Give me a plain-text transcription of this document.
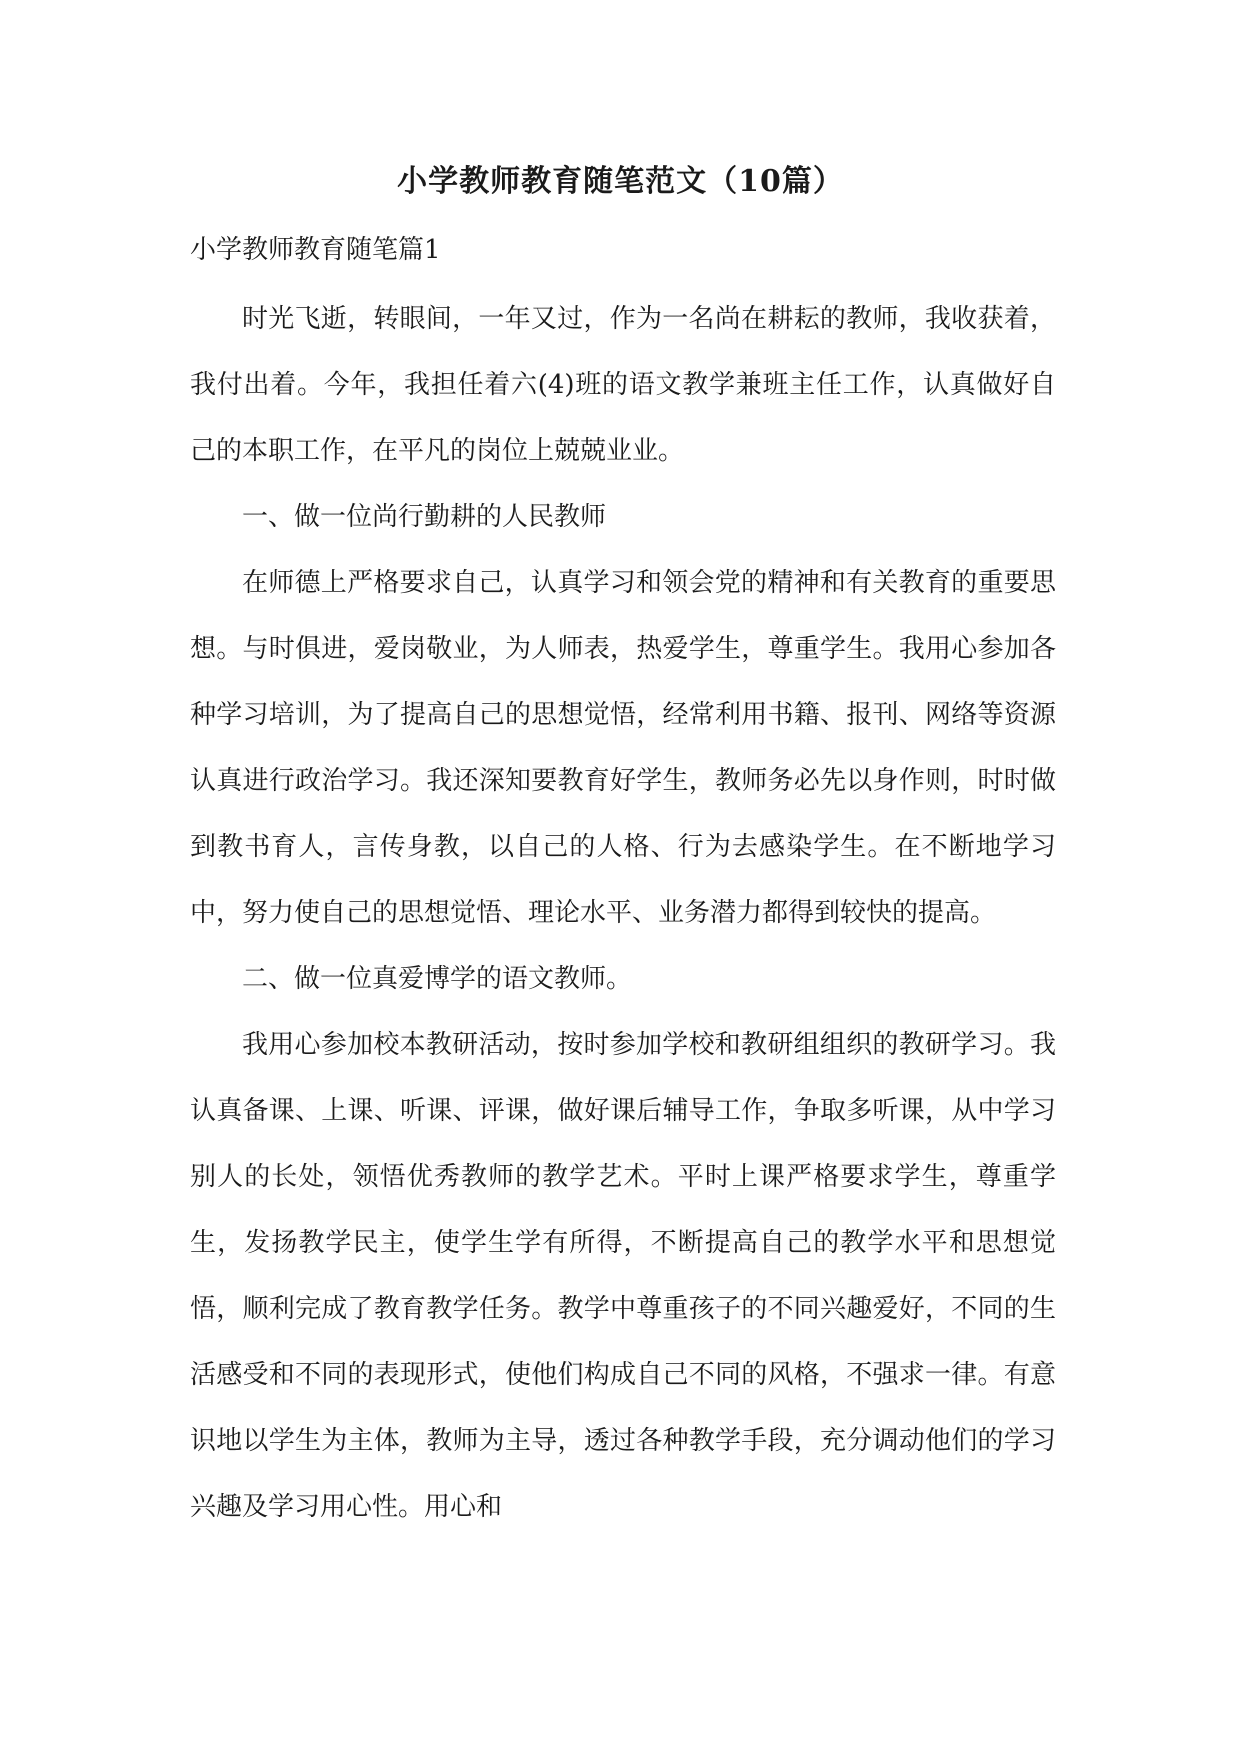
小学教师教育随笔范文（10篇）
小学教师教育随笔篇1

时光飞逝，转眼间，一年又过，作为一名尚在耕耘的教师，我收获着，我付出着。今年，我担任着六(4)班的语文教学兼班主任工作，认真做好自己的本职工作，在平凡的岗位上兢兢业业。

一、做一位尚行勤耕的人民教师

在师德上严格要求自己，认真学习和领会党的精神和有关教育的重要思想。与时俱进，爱岗敬业，为人师表，热爱学生，尊重学生。我用心参加各种学习培训，为了提高自己的思想觉悟，经常利用书籍、报刊、网络等资源认真进行政治学习。我还深知要教育好学生，教师务必先以身作则，时时做到教书育人，言传身教，以自己的人格、行为去感染学生。在不断地学习中，努力使自己的思想觉悟、理论水平、业务潜力都得到较快的提高。

二、做一位真爱博学的语文教师。

我用心参加校本教研活动，按时参加学校和教研组组织的教研学习。我认真备课、上课、听课、评课，做好课后辅导工作，争取多听课，从中学习别人的长处，领悟优秀教师的教学艺术。平时上课严格要求学生，尊重学生，发扬教学民主，使学生学有所得，不断提高自己的教学水平和思想觉悟，顺利完成了教育教学任务。教学中尊重孩子的不同兴趣爱好，不同的生活感受和不同的表现形式，使他们构成自己不同的风格，不强求一律。有意识地以学生为主体，教师为主导，透过各种教学手段，充分调动他们的学习兴趣及学习用心性。用心和
